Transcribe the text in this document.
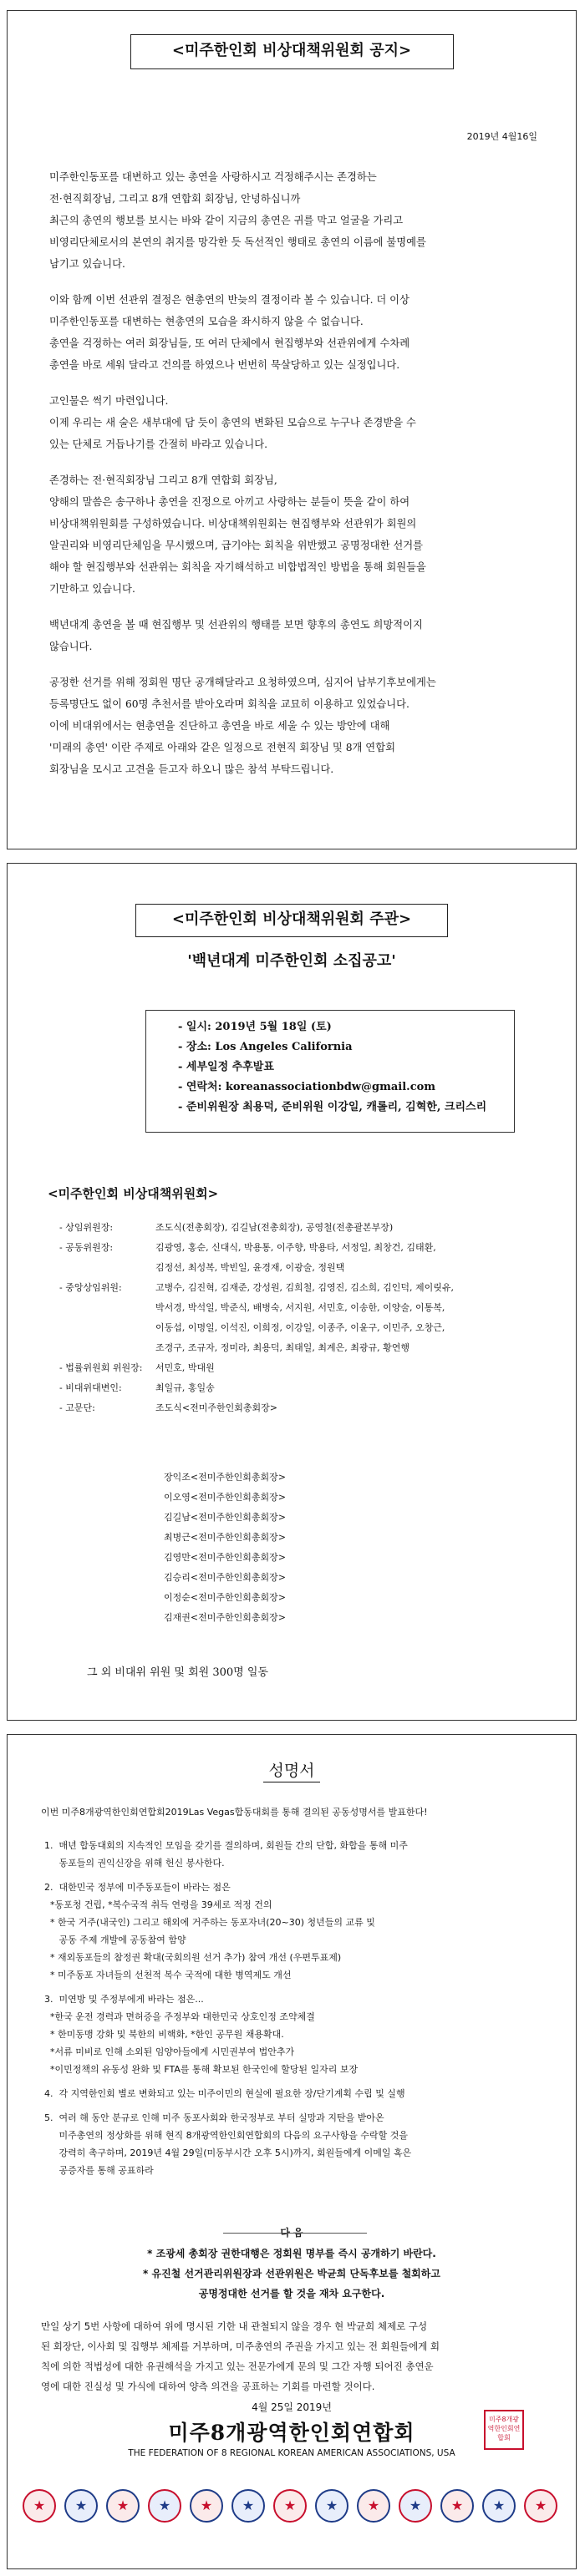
<미주한인회 비상대책위원회 공지>
2019년 4월16일
미주한인동포를 대변하고 있는 총연을 사랑하시고 걱정해주시는 존경하는
전·현직회장님, 그리고 8개 연합회 회장님, 안녕하십니까
최근의 총연의 행보를 보시는 바와 같이 지금의 총연은 귀를 막고 얼굴을 가리고
비영리단체로서의 본연의 취지를 망각한 듯 독선적인 행태로 총연의 이름에 불명예를
남기고 있습니다.
이와 함께 이번 선관위 결정은 현총연의 반늦의 결정이라 볼 수 있습니다. 더 이상
미주한인동포를 대변하는 현총연의 모습을 좌시하지 않을 수 없습니다.
총연을 걱정하는 여러 회장님들, 또 여러 단체에서 현집행부와 선관위에게 수차례
총연을 바로 세워 달라고 건의를 하였으나 번번히 묵살당하고 있는 실정입니다.
고인물은 썩기 마련입니다.
이제 우리는 새 술은 새부대에 담 듯이 총연의 변화된 모습으로 누구나 존경받을 수
있는 단체로 거듭나기를 간절히 바라고 있습니다.
존경하는 전·현직회장님 그리고 8개 연합회 회장님,
양해의 말씀은 송구하나 총연을 진정으로 아끼고 사랑하는 분들이 뜻을 같이 하여
비상대책위원회를 구성하였습니다. 비상대책위원회는 현집행부와 선관위가 회원의
알권리와 비영리단체임을 무시했으며, 급기야는 회칙을 위반했고 공명정대한 선거를
해야 할 현집행부와 선관위는 회칙을 자기해석하고 비합법적인 방법을 통해 회원들을
기만하고 있습니다.
백년대계 총연을 볼 때 현집행부 및 선관위의 행태를 보면 향후의 총연도 희망적이지
않습니다.
공정한 선거를 위해 정회원 명단 공개해달라고 요청하였으며, 심지어 납부기후보에게는
등록명단도 없이 60명 추천서를 받아오라며 회칙을 교묘히 이용하고 있었습니다.
이에 비대위에서는 현총연을 진단하고 총연을 바로 세울 수 있는 방안에 대해
'미래의 총연' 이란 주제로 아래와 같은 일정으로 전현직 회장님 및 8개 연합회
회장님을 모시고 고견을 듣고자 하오니 많은 참석 부탁드립니다.
<미주한인회 비상대책위원회 주관>
'백년대계 미주한인회 소집공고'
- 일시: 2019년 5월 18일 (토)
- 장소: Los Angeles California
- 세부일정 추후발표
- 연락처: koreanassociationbdw@gmail.com
- 준비위원장 최용덕, 준비위원 이강일, 캐롤리, 김혁한, 크리스리
<미주한인회 비상대책위원회>
- 상임위원장:	조도식(전총회장), 김길남(전총회장), 공영철(전총괄본부장)
- 공동위원장:	김광영, 홍순, 신대식, 박용통, 이주향, 박용타, 서정일, 최창건, 김태환,
김정선, 최성복, 박빈일, 윤경재, 이광술, 정원택
- 중앙상임위원:	고병수, 김진혁, 김재준, 강성원, 김희철, 김영진, 김소희, 김인덕, 제이릿유,
박서경, 박석일, 박준식, 배병숙, 서지원, 서민호, 이송한, 이양술, 이통복,
이동섭, 이명일, 이석진, 이희정, 이강일, 이종주, 이윤구, 이민주, 오창근,
조경구, 조규자, 정미라, 최용덕, 최태일, 최계은, 최광규, 황연행
- 법률위원회 위원장:	서민호, 박대원
- 비대위대변인:	최일규, 홍일송
- 고문단:	조도식<전미주한인회총회장>
장익조<전미주한인회총회장>
이오영<전미주한인회총회장>
김길남<전미주한인회총회장>
최병근<전미주한인회총회장>
김영만<전미주한인회총회장>
김승리<전미주한인회총회장>
이정순<전미주한인회총회장>
김재권<전미주한인회총회장>
그 외 비대위 위원 및 회원 300명 일동
성명서
이번 미주8개광역한인회연합회2019Las Vegas합동대회를 통해 결의된 공동성명서를 발표한다!
1.  매년 합동대회의 지속적인 모임을 갖기를 결의하며, 회원들 간의 단합, 화합을 통해 미주
동포들의 권익신장을 위해 헌신 봉사한다.
2.  대한민국 정부에 미주동포들이 바라는 점은
*동포청 건립, *복수국적 취득 연령을 39세로 적정 건의
* 한국 거주(내국인) 그리고 해외에 거주하는 동포자녀(20~30) 청년들의 교류 및
공동 주제 개발에 공동참여 함양
* 재외동포들의 참정권 확대(국회의원 선거 추가) 참여 개선 (우편투표제)
* 미주동포 자녀들의 선천적 복수 국적에 대한 병역제도 개선
3.  미연방 및 주정부에게 바라는 점은...
*한국 운전 경력과 면허증을 주정부와 대한민국 상호인정 조약체결
* 한미동맹 강화 및 북한의 비핵화, *한인 공무원 채용확대.
*서류 미비로 인해 소외된 임양아들에게 시민권부여 법안추가
*이민정책의 유동성 완화 및 FTA를 통해 확보된 한국인에 할당된 일자리 보장
4.  각 지역한인회 별로 변화되고 있는 미주이민의 현실에 필요한 장/단기계획 수립 및 실행
5.  여러 해 동안 분규로 인해 미주 동포사회와 한국정부로 부터 실망과 지탄을 받아온
미주총연의 정상화를 위해 현직 8개광역한인회연합회의 다음의 요구사항을 수락할 것을
강력히 촉구하며, 2019년 4월 29일(미동부시간 오후 5시)까지, 회원들에게 이메일 혹은
공증자를 통해 공표하라
다 음
* 조광세 총회장 권한대행은 정회원 명부를 즉시 공개하기 바란다.
* 유진철 선거관리위원장과 선관위원은 박균희 단독후보를 철회하고
공명정대한 선거를 할 것을 재차 요구한다.
만일 상기 5번 사항에 대하여 위에 명시된 기한 내 관철되지 않을 경우 현 박균희 체제로 구성
된 회장단, 이사회 및 집행부 체제를 거부하며, 미주총연의 주권을 가지고 있는 전 회원들에게 회
칙에 의한 적법성에 대한 유권해석을 가지고 있는 전문가에게 문의 및 그간 자행 되어진 총연운
영에 대한 진실성 및 가식에 대하여 양측 의견을 공표하는 기회를 마련할 것이다.
4월 25일 2019년
미주8개광역한인회연합회
THE FEDERATION OF 8 REGIONAL KOREAN AMERICAN ASSOCIATIONS, USA
미주8개광역한인회연합회
★	★	★	★	★	★	★	★	★	★	★	★	★
